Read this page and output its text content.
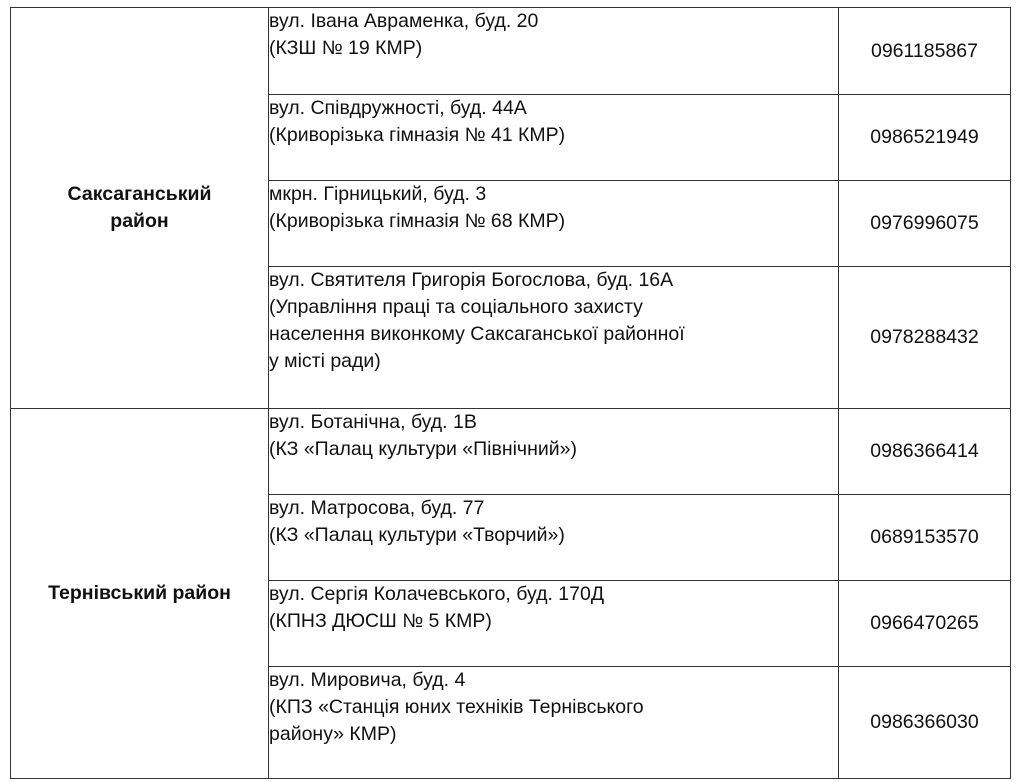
Саксаганський
район	вул. Івана Авраменка, буд. 20
(КЗШ № 19 КМР)	0961185867

	вул. Співдружності, буд. 44А
(Криворізька гімназія № 41 КМР)	0986521949

	мкрн. Гірницький, буд. 3
(Криворізька гімназія № 68 КМР)	0976996075

	вул. Святителя Григорія Богослова, буд. 16А
(Управління праці та соціального захисту
населення виконкому Саксаганської районної
у місті ради)	0978288432

Тернівський район	вул. Ботанічна, буд. 1В
(КЗ «Палац культури «Північний»)	0986366414

	вул. Матросова, буд. 77
(КЗ «Палац культури «Творчий»)	0689153570

	вул. Сергія Колачевського, буд. 170Д
(КПНЗ ДЮСШ № 5 КМР)	0966470265

	вул. Мировича, буд. 4
(КПЗ «Станція юних техніків Тернівського
району» КМР)	0986366030
